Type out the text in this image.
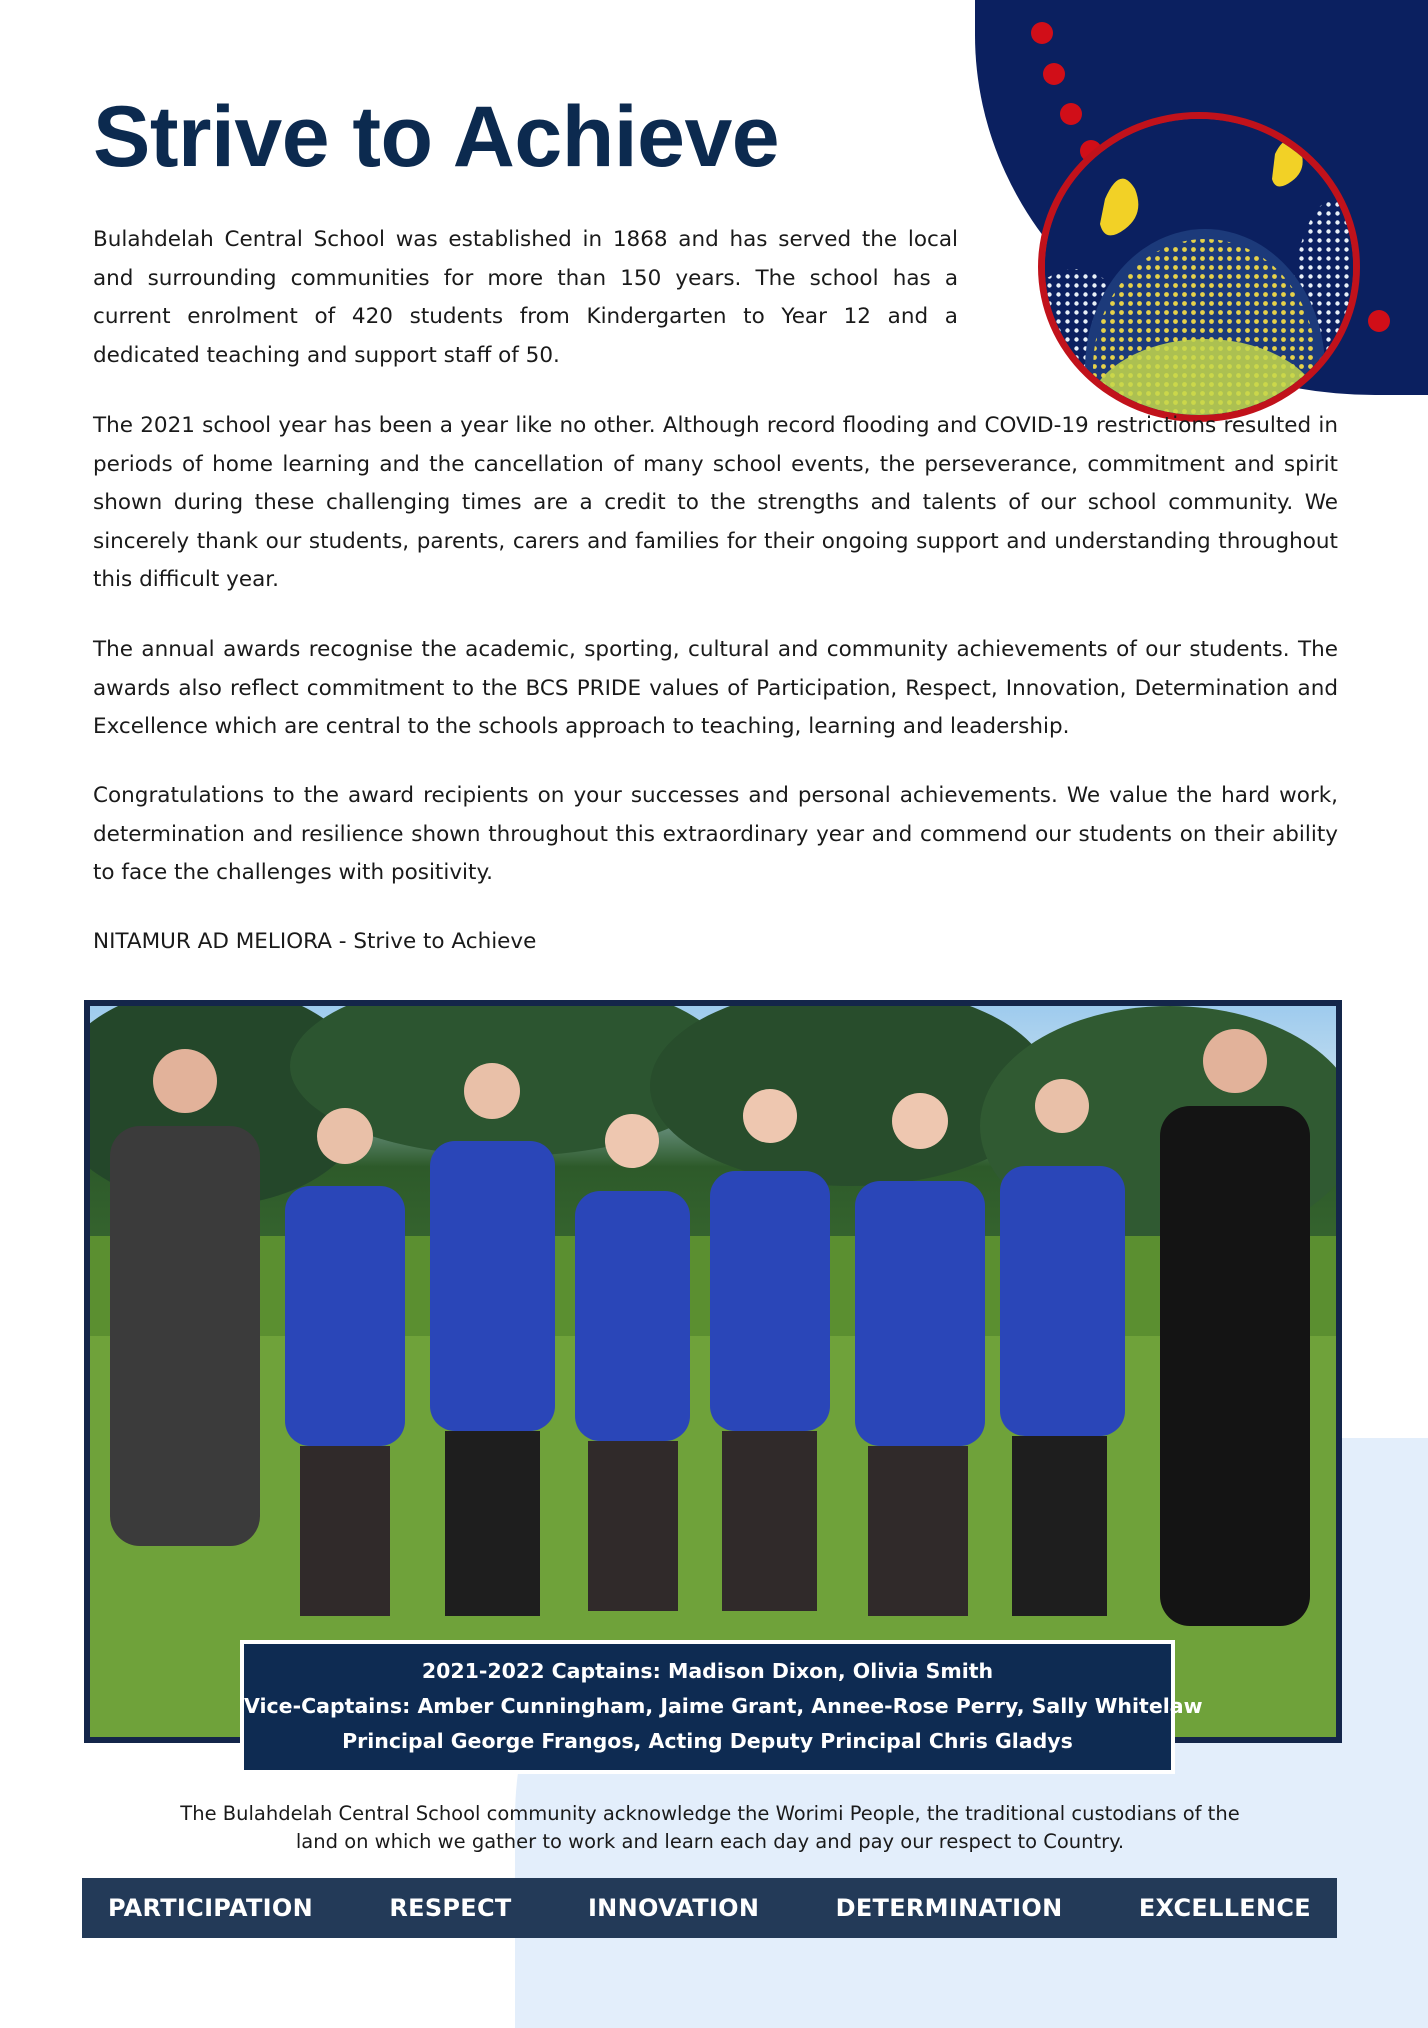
Strive to Achieve

Bulahdelah Central School was established in 1868 and has served the local and surrounding communities for more than 150 years. The school has a current enrolment of 420 students from Kindergarten to Year 12 and a dedicated teaching and support staff of 50.

The 2021 school year has been a year like no other. Although record flooding and COVID-19 restrictions resulted in periods of home learning and the cancellation of many school events, the perseverance, commitment and spirit shown during these challenging times are a credit to the strengths and talents of our school community. We sincerely thank our students, parents, carers and families for their ongoing support and understanding throughout this difficult year.

The annual awards recognise the academic, sporting, cultural and community achievements of our students. The awards also reflect commitment to the BCS PRIDE values of Participation, Respect, Innovation, Determination and Excellence which are central to the schools approach to teaching, learning and leadership.

Congratulations to the award recipients on your successes and personal achievements. We value the hard work, determination and resilience shown throughout this extraordinary year and commend our students on their ability to face the challenges with positivity.

NITAMUR AD MELIORA - Strive to Achieve

2021-2022 Captains: Madison Dixon, Olivia Smith
Vice-Captains: Amber Cunningham, Jaime Grant, Annee-Rose Perry, Sally Whitelaw
Principal George Frangos, Acting Deputy Principal Chris Gladys
The Bulahdelah Central School community acknowledge the Worimi People, the traditional custodians of the
land on which we gather to work and learn each day and pay our respect to Country.
PARTICIPATION	RESPECT	INNOVATION	DETERMINATION	EXCELLENCE
